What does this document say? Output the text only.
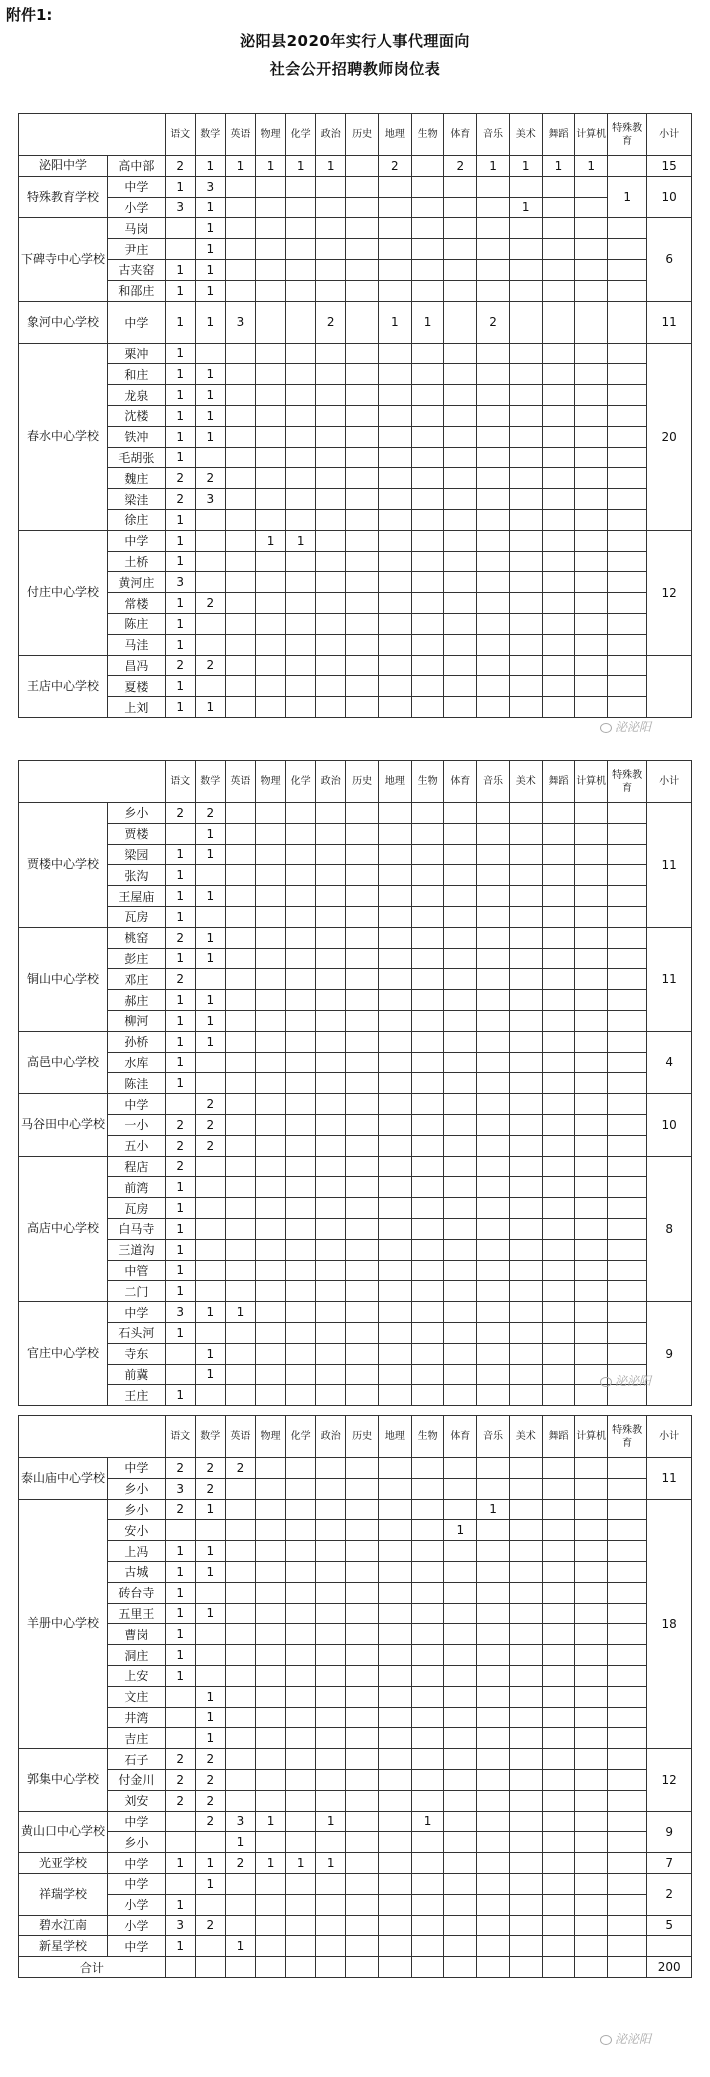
附件1:
泌阳县2020年实行人事代理面向
社会公开招聘教师岗位表
		语文	数学	英语	物理	化学	政治	历史	地理	生物	体育	音乐	美术	舞蹈	计算机	特殊教育	小计
泌阳中学	高中部	2	1	1	1	1	1		2		2	1	1	1	1		15
特殊教育学校	中学	1	3													1	10
	小学	3	1										1				
下碑寺中心学校	马岗		1														6
	尹庄		1														
	古夹窑	1	1														
	和邵庄	1	1														
象河中心学校	中学	1	1	3			2		1	1		2					11
春水中心学校	栗冲	1															20
	和庄	1	1														
	龙泉	1	1														
	沈楼	1	1														
	铁冲	1	1														
	毛胡张	1															
	魏庄	2	2														
	梁洼	2	3														
	徐庄	1															
付庄中心学校	中学	1			1	1											12
	土桥	1															
	黄河庄	3															
	常楼	1	2														
	陈庄	1															
	马洼	1															
王店中心学校	昌冯	2	2														
	夏楼	1															
	上刘	1	1														
		语文	数学	英语	物理	化学	政治	历史	地理	生物	体育	音乐	美术	舞蹈	计算机	特殊教育	小计
贾楼中心学校	乡小	2	2														11
	贾楼		1														
	梁园	1	1														
	张沟	1															
	王屋庙	1	1														
	瓦房	1															
铜山中心学校	桃窑	2	1														11
	彭庄	1	1														
	邓庄	2															
	郝庄	1	1														
	柳河	1	1														
高邑中心学校	孙桥	1	1														4
	水库	1															
	陈洼	1															
马谷田中心学校	中学		2														10
	一小	2	2														
	五小	2	2														
高店中心学校	程店	2															8
	前湾	1															
	瓦房	1															
	白马寺	1															
	三道沟	1															
	中管	1															
	二门	1															
官庄中心学校	中学	3	1	1													9
	石头河	1															
	寺东		1														
	前冀		1														
	王庄	1															
		语文	数学	英语	物理	化学	政治	历史	地理	生物	体育	音乐	美术	舞蹈	计算机	特殊教育	小计
泰山庙中心学校	中学	2	2	2													11
	乡小	3	2														
羊册中心学校	乡小	2	1									1					18
	安小										1						
	上冯	1	1														
	古城	1	1														
	砖台寺	1															
	五里王	1	1														
	曹岗	1															
	洞庄	1															
	上安	1															
	文庄		1														
	井湾		1														
	吉庄		1														
郭集中心学校	石子	2	2														12
	付金川	2	2														
	刘安	2	2														
黄山口中心学校	中学		2	3	1		1			1							9
	乡小			1													
光亚学校	中学	1	1	2	1	1	1										7
祥瑞学校	中学		1														2
	小学	1															
碧水江南	小学	3	2														5
新星学校	中学	1		1													
合计																	200
泌泌阳
泌泌阳
泌泌阳
